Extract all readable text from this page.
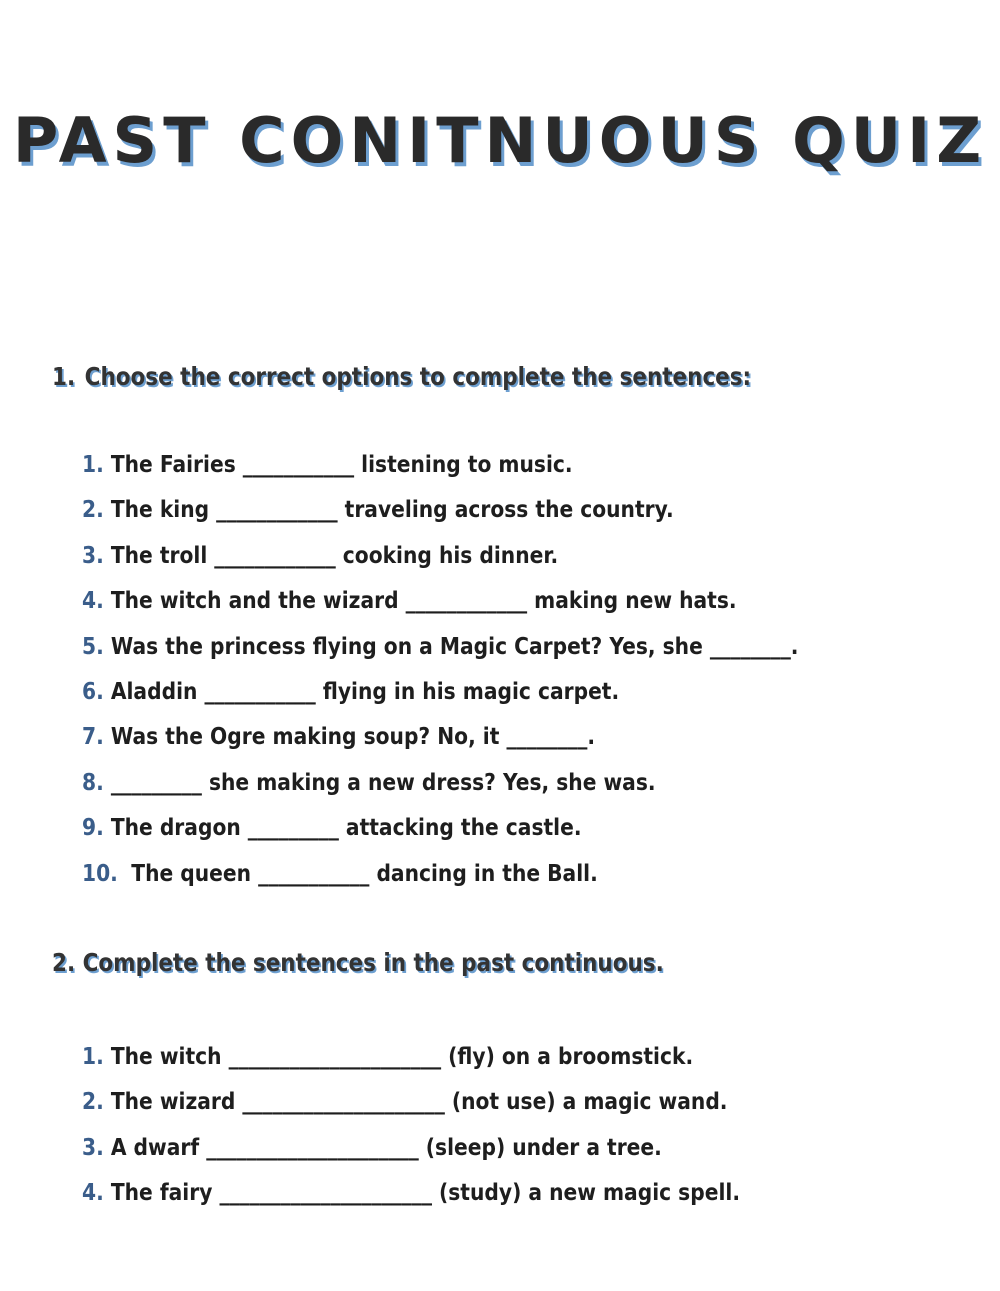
PAST CONITNUOUS QUIZ
1. Choose the correct options to complete the sentences:
1. The Fairies ___________ listening to music.
2. The king ____________ traveling across the country.
3. The troll ____________ cooking his dinner.
4. The witch and the wizard ____________ making new hats.
5. Was the princess flying on a Magic Carpet? Yes, she ________.
6. Aladdin ___________ flying in his magic carpet.
7. Was the Ogre making soup? No, it ________.
8. _________ she making a new dress? Yes, she was.
9. The dragon _________ attacking the castle.
10. The queen ___________ dancing in the Ball.
2. Complete the sentences in the past continuous.
1. The witch _____________________ (fly) on a broomstick.
2. The wizard ____________________ (not use) a magic wand.
3. A dwarf _____________________ (sleep) under a tree.
4. The fairy _____________________ (study) a new magic spell.
